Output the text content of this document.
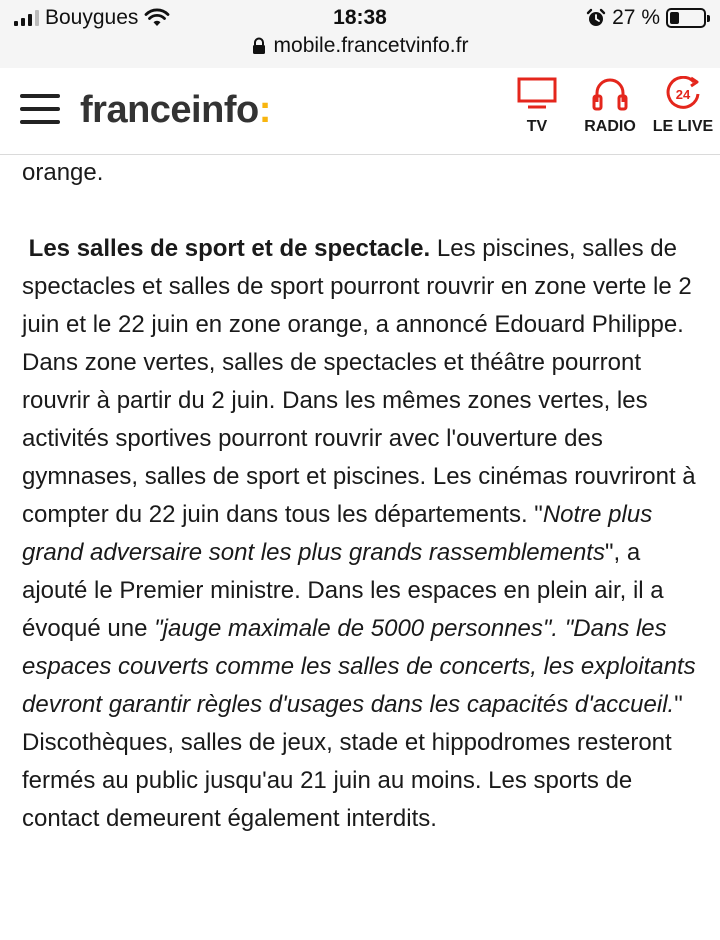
Bouygues	18:38	27 %
mobile.francetvinfo.fr
franceinfo:	TV RADIO
24
LE LIVE

orange.

Les salles de sport et de spectacle. Les piscines, salles de spectacles et salles de sport pourront rouvrir en zone verte le 2 juin et le 22 juin en zone orange, a annoncé Edouard Philippe. Dans zone vertes, salles de spectacles et théâtre pourront rouvrir à partir du 2 juin. Dans les mêmes zones vertes, les activités sportives pourront rouvrir avec l'ouverture des gymnases, salles de sport et piscines. Les cinémas rouvriront à compter du 22 juin dans tous les départements. "Notre plus grand adversaire sont les plus grands rassemblements", a ajouté le Premier ministre. Dans les espaces en plein air, il a évoqué une "jauge maximale de 5000 personnes". "Dans les espaces couverts comme les salles de concerts, les exploitants devront garantir règles d'usages dans les capacités d'accueil." Discothèques, salles de jeux, stade et hippodromes resteront fermés au public jusqu'au 21 juin au moins. Les sports de contact demeurent également interdits.
